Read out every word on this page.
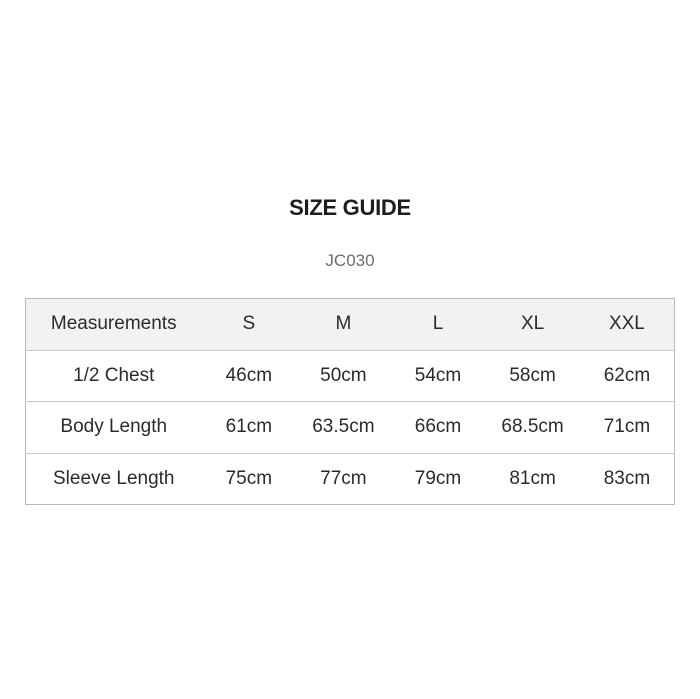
SIZE GUIDE
JC030
Measurements	S	M	L	XL	XXL
1/2 Chest	46cm	50cm	54cm	58cm	62cm
Body Length	61cm	63.5cm	66cm	68.5cm	71cm
Sleeve Length	75cm	77cm	79cm	81cm	83cm
